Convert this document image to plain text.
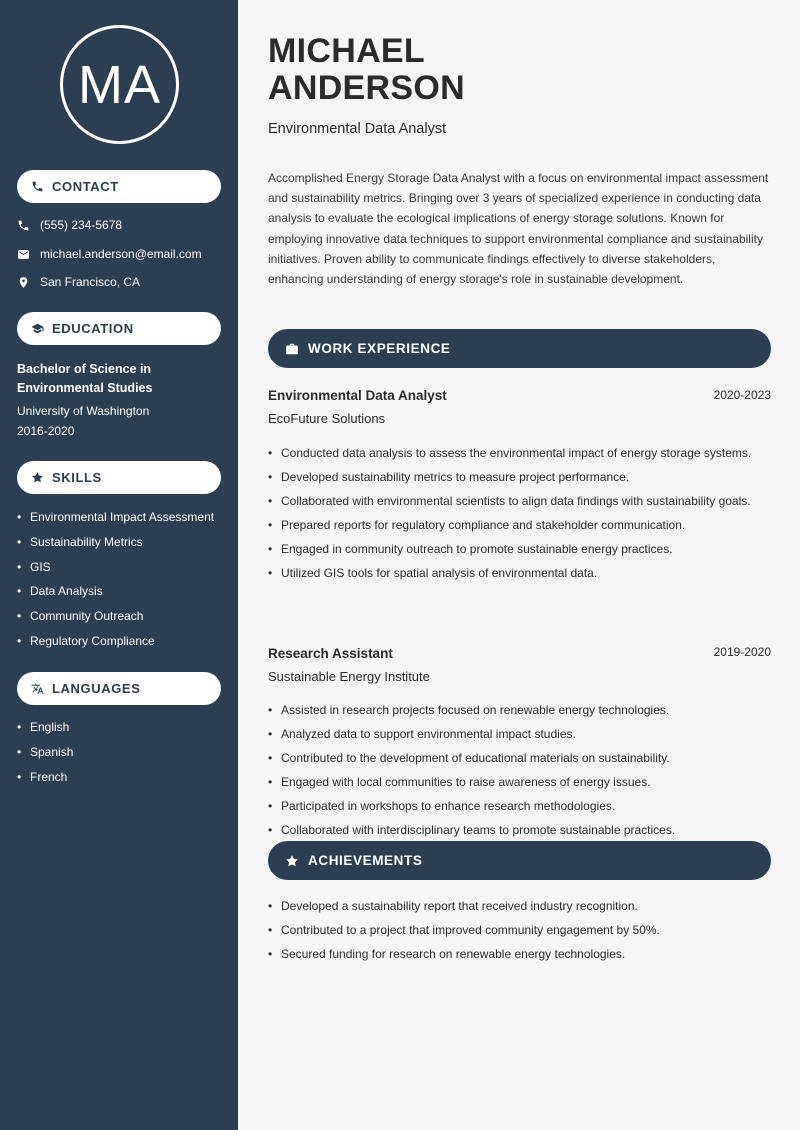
MA
CONTACT
(555) 234-5678
michael.anderson@email.com
San Francisco, CA
EDUCATION
Bachelor of Science in Environmental Studies
University of Washington
2016-2020
SKILLS
• Environmental Impact Assessment
• Sustainability Metrics
• GIS
• Data Analysis
• Community Outreach
• Regulatory Compliance
LANGUAGES
• English
• Spanish
• French
MICHAEL
ANDERSON
Environmental Data Analyst
Accomplished Energy Storage Data Analyst with a focus on environmental impact assessment and sustainability metrics. Bringing over 3 years of specialized experience in conducting data analysis to evaluate the ecological implications of energy storage solutions. Known for employing innovative data techniques to support environmental compliance and sustainability initiatives. Proven ability to communicate findings effectively to diverse stakeholders, enhancing understanding of energy storage's role in sustainable development.
WORK EXPERIENCE
Environmental Data Analyst	2020-2023
EcoFuture Solutions
• Conducted data analysis to assess the environmental impact of energy storage systems.
• Developed sustainability metrics to measure project performance.
• Collaborated with environmental scientists to align data findings with sustainability goals.
• Prepared reports for regulatory compliance and stakeholder communication.
• Engaged in community outreach to promote sustainable energy practices.
• Utilized GIS tools for spatial analysis of environmental data.
Research Assistant	2019-2020
Sustainable Energy Institute
• Assisted in research projects focused on renewable energy technologies.
• Analyzed data to support environmental impact studies.
• Contributed to the development of educational materials on sustainability.
• Engaged with local communities to raise awareness of energy issues.
• Participated in workshops to enhance research methodologies.
• Collaborated with interdisciplinary teams to promote sustainable practices.
ACHIEVEMENTS
• Developed a sustainability report that received industry recognition.
• Contributed to a project that improved community engagement by 50%.
• Secured funding for research on renewable energy technologies.
